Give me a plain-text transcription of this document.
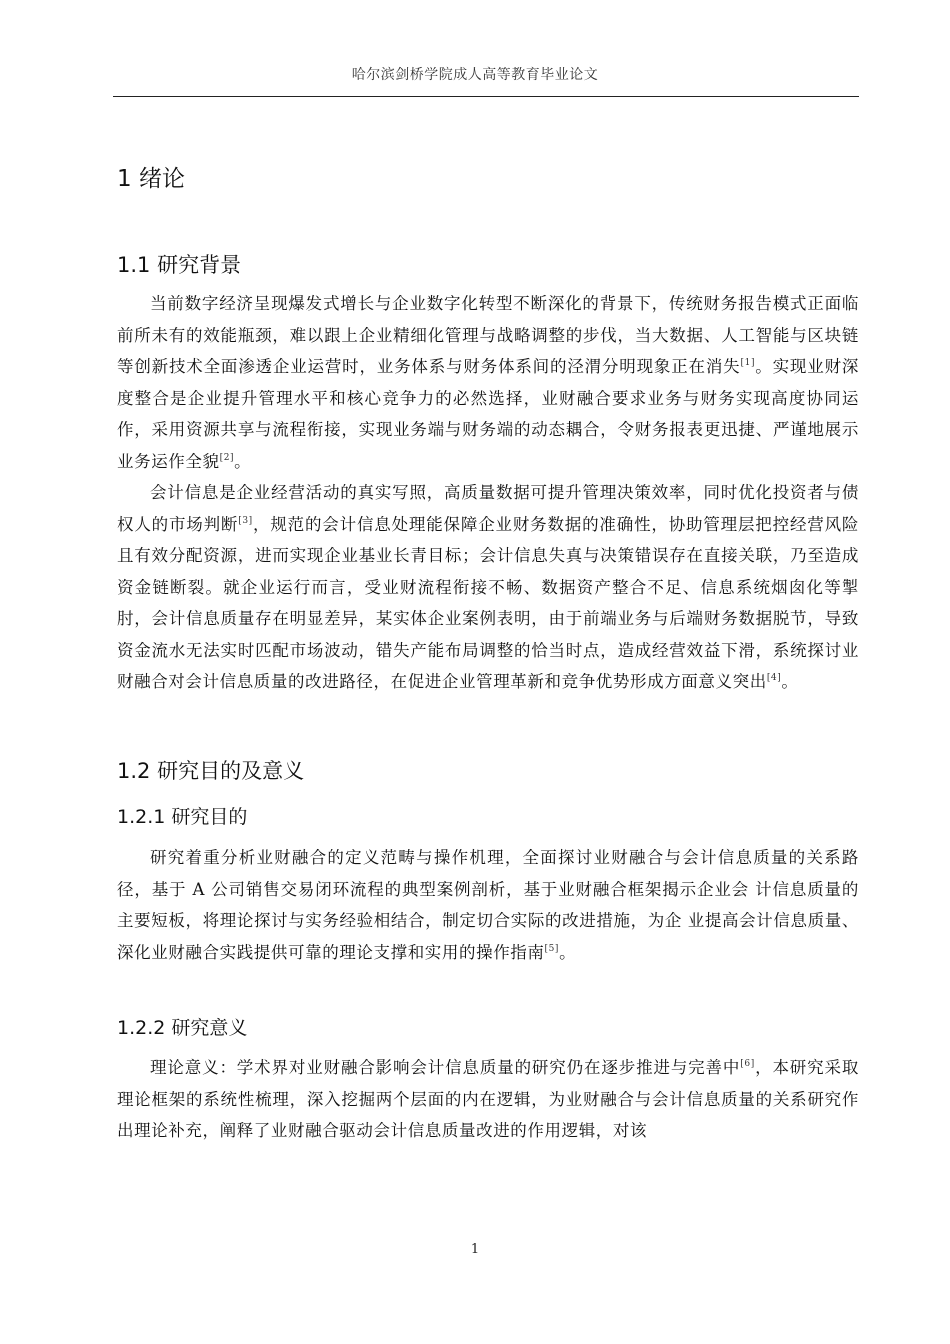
哈尔滨剑桥学院成人高等教育毕业论文
1 绪论
1.1 研究背景

当前数字经济呈现爆发式增长与企业数字化转型不断深化的背景下，传统财务报告模式正面临前所未有的效能瓶颈，难以跟上企业精细化管理与战略调整的步伐，当大数据、人工智能与区块链等创新技术全面渗透企业运营时，业务体系与财务体系间的泾渭分明现象正在消失[1]。实现业财深度整合是企业提升管理水平和核心竞争力的必然选择，业财融合要求业务与财务实现高度协同运作，采用资源共享与流程衔接，实现业务端与财务端的动态耦合，令财务报表更迅捷、严谨地展示业务运作全貌[2]。

会计信息是企业经营活动的真实写照，高质量数据可提升管理决策效率，同时优化投资者与债权人的市场判断[3]，规范的会计信息处理能保障企业财务数据的准确性，协助管理层把控经营风险且有效分配资源，进而实现企业基业长青目标；会计信息失真与决策错误存在直接关联，乃至造成资金链断裂。就企业运行而言，受业财流程衔接不畅、数据资产整合不足、信息系统烟囱化等掣肘，会计信息质量存在明显差异，某实体企业案例表明，由于前端业务与后端财务数据脱节，导致资金流水无法实时匹配市场波动，错失产能布局调整的恰当时点，造成经营效益下滑，系统探讨业财融合对会计信息质量的改进路径，在促进企业管理革新和竞争优势形成方面意义突出[4]。

1.2 研究目的及意义
1.2.1 研究目的

研究着重分析业财融合的定义范畴与操作机理，全面探讨业财融合与会计信息质量的关系路径，基于 A 公司销售交易闭环流程的典型案例剖析，基于业财融合框架揭示企业会 计信息质量的主要短板，将理论探讨与实务经验相结合，制定切合实际的改进措施，为企 业提高会计信息质量、深化业财融合实践提供可靠的理论支撑和实用的操作指南[5]。

1.2.2 研究意义

理论意义：学术界对业财融合影响会计信息质量的研究仍在逐步推进与完善中[6]，本研究采取理论框架的系统性梳理，深入挖掘两个层面的内在逻辑，为业财融合与会计信息质量的关系研究作出理论补充，阐释了业财融合驱动会计信息质量改进的作用逻辑，对该

1
